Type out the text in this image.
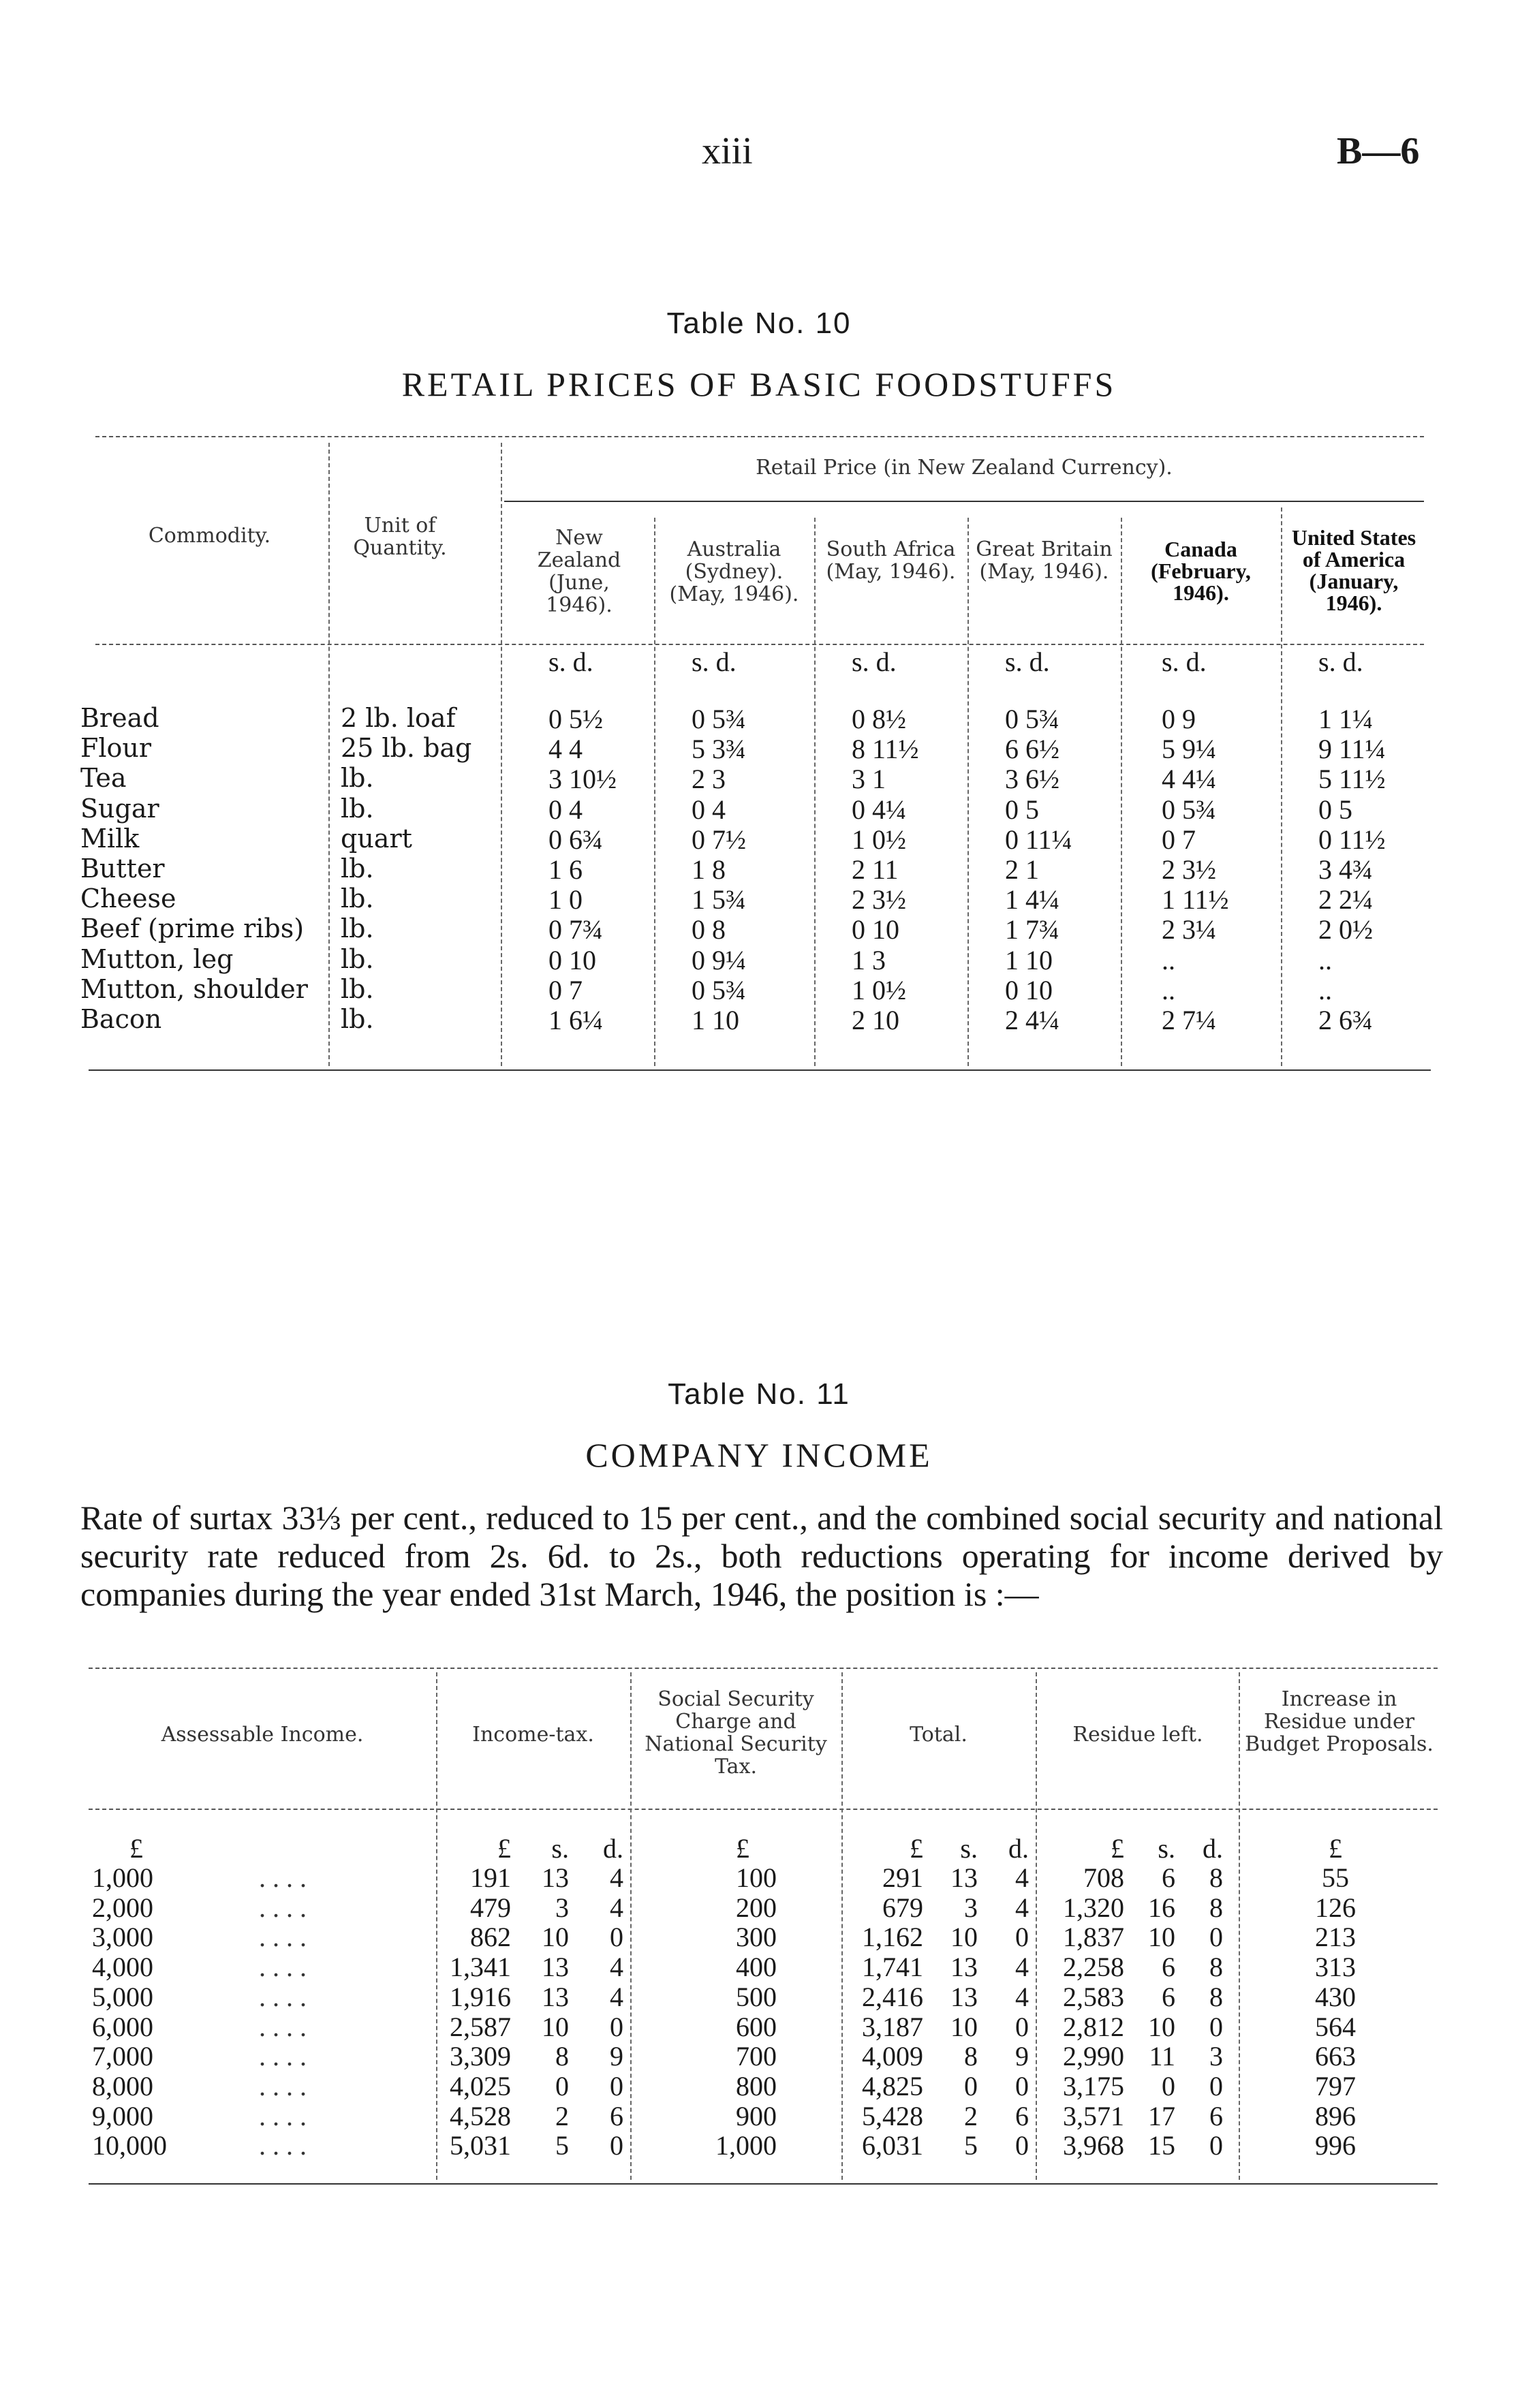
xiii	B—6
Table No. 10
RETAIL PRICES OF BASIC FOODSTUFFS
Retail Price (in New Zealand Currency).
Commodity.	Unit of Quantity.	New Zealand (June, 1946).
Australia (Sydney). (May, 1946).
South Africa (May, 1946).
Great Britain (May, 1946).
Canada (February, 1946).
United States of America (January, 1946).
s. d.	s. d.	s. d.	s. d.	s. d.	s. d.
Bread	2 lb. loaf	0 5½	0 5¾	0 8½	0 5¾	0 9	1 1¼
Flour	25 lb. bag	4 4	5 3¾	8 11½	6 6½	5 9¼	9 11¼
Tea	lb.	3 10½	2 3	3 1	3 6½	4 4¼	5 11½
Sugar	lb.	0 4	0 4	0 4¼	0 5	0 5¾	0 5
Milk	quart	0 6¾	0 7½	1 0½	0 11¼	0 7	0 11½
Butter	lb.	1 6	1 8	2 11	2 1	2 3½	3 4¾
Cheese	lb.	1 0	1 5¾	2 3½	1 4¼	1 11½	2 2¼
Beef (prime ribs) lb.	0 7¾	0 8	0 10	1 7¾	2 3¼	2 0½
Mutton, leg	lb.	0 10	0 9¼	1 3	1 10	..	..
Mutton, shoulder lb.	0 7	0 5¾	1 0½	0 10	..	..
Bacon	lb.	1 6¼	1 10	2 10	2 4¼	2 7¼	2 6¾
Table No. 11
COMPANY INCOME
Rate of surtax 33⅓ per cent., reduced to 15 per cent., and the combined social security and national security rate reduced from 2s. 6d. to 2s., both reductions operating for income derived by companies during the year ended 31st March, 1946, the position is :—
Assessable Income.	Income-tax.
Social Security Charge and National Security Tax.
Total.	Residue left.
Increase in Residue under Budget Proposals.
£	£	s.	d.	£	s.	d.	£	s.	d.
£	£
1,000	. . . .	191	13	4	100	291	13	4	708	6	8	55
2,000	. . . .	479	3	4	200	679	3	4	1,320 16	8	126
3,000	. . . .	862	10	0	300	1,162	10	0	1,837 10	0	213
4,000	. . . .	1,341	13	4	400	1,741	13	4	2,258	6	8	313
5,000	. . . .	1,916	13	4	500	2,416	13	4	2,583	6	8	430
6,000	. . . .	2,587	10	0	600	3,187	10	0	2,812 10	0	564
7,000	. . . .	3,309	8	9	700	4,009	8	9	2,990 11	3	663
8,000	. . . .	4,025	0	0	800	4,825	0	0	3,175	0	0	797
9,000	. . . .	4,528	2	6	900	5,428	2	6	3,571 17	6	896
10,000	. . . .	5,031	5	0	1,000	6,031	5	0	3,968 15	0	996
